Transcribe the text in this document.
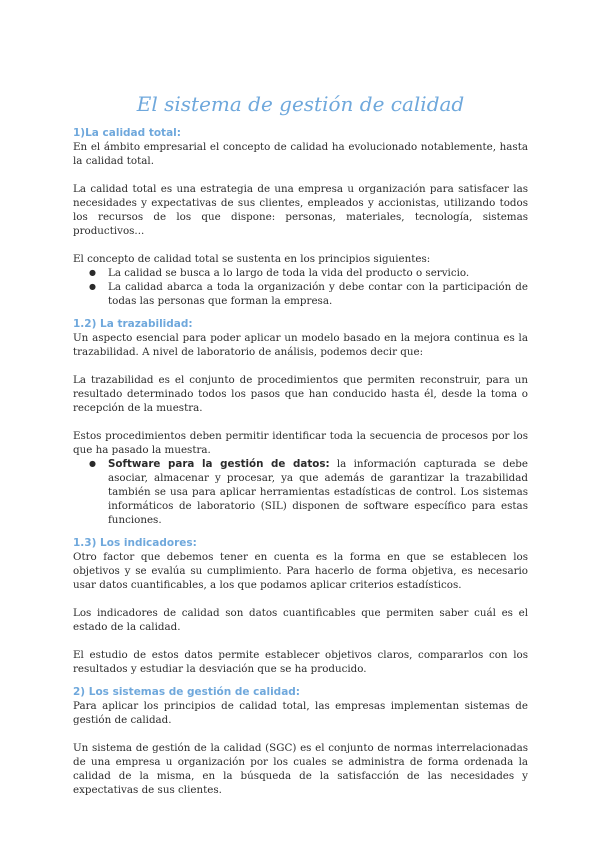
El sistema de gestión de calidad
1)La calidad total:

En el ámbito empresarial el concepto de calidad ha evolucionado notablemente, hasta la calidad total.

La calidad total es una estrategia de una empresa u organización para satisfacer las necesidades y expectativas de sus clientes, empleados y accionistas, utilizando todos los recursos de los que dispone: personas, materiales, tecnología, sistemas productivos...

El concepto de calidad total se sustenta en los principios siguientes:

● La calidad se busca a lo largo de toda la vida del producto o servicio.
● La calidad abarca a toda la organización y debe contar con la participación de todas las personas que forman la empresa.
1.2) La trazabilidad:

Un aspecto esencial para poder aplicar un modelo basado en la mejora continua es la trazabilidad. A nivel de laboratorio de análisis, podemos decir que:

La trazabilidad es el conjunto de procedimientos que permiten reconstruir, para un resultado determinado todos los pasos que han conducido hasta él, desde la toma o recepción de la muestra.

Estos procedimientos deben permitir identificar toda la secuencia de procesos por los que ha pasado la muestra.

● Software para la gestión de datos: la información capturada se debe asociar, almacenar y procesar, ya que además de garantizar la trazabilidad también se usa para aplicar herramientas estadísticas de control. Los sistemas informáticos de laboratorio (SIL) disponen de software específico para estas funciones.
1.3) Los indicadores:

Otro factor que debemos tener en cuenta es la forma en que se establecen los objetivos y se evalúa su cumplimiento. Para hacerlo de forma objetiva, es necesario usar datos cuantificables, a los que podamos aplicar criterios estadísticos.

Los indicadores de calidad son datos cuantificables que permiten saber cuál es el estado de la calidad.

El estudio de estos datos permite establecer objetivos claros, compararlos con los resultados y estudiar la desviación que se ha producido.

2) Los sistemas de gestión de calidad:

Para aplicar los principios de calidad total, las empresas implementan sistemas de gestión de calidad.

Un sistema de gestión de la calidad (SGC) es el conjunto de normas interrelacionadas de una empresa u organización por los cuales se administra de forma ordenada la calidad de la misma, en la búsqueda de la satisfacción de las necesidades y expectativas de sus clientes.
